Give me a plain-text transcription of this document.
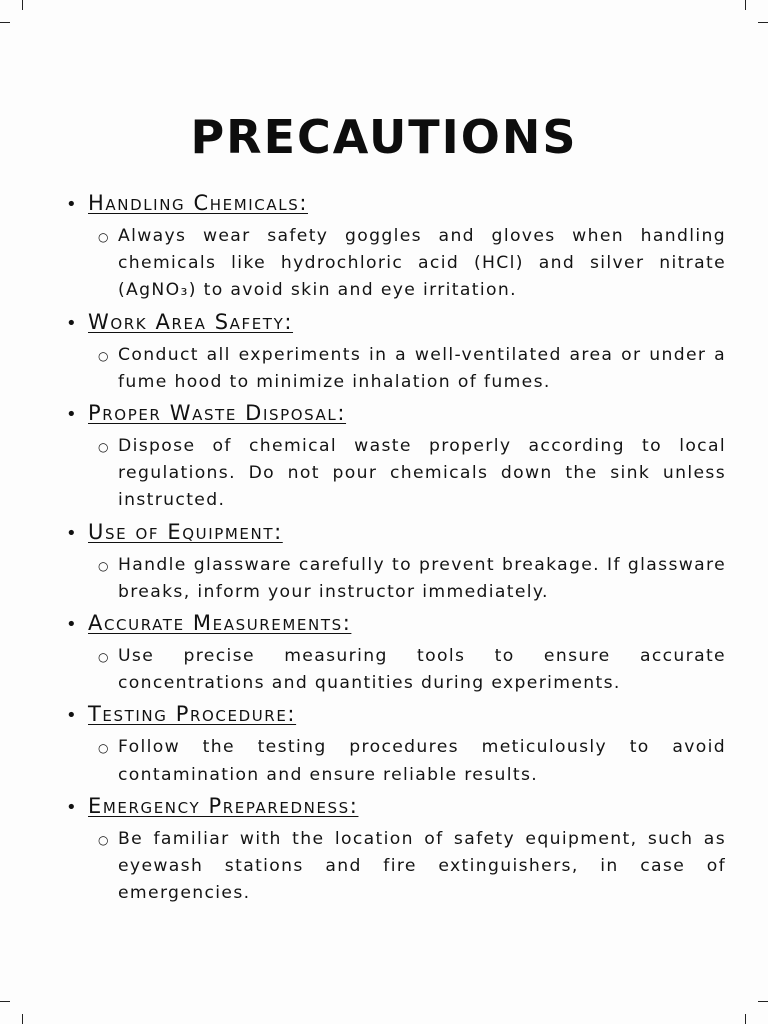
PRECAUTIONS
• Handling Chemicals:
○ Always wear safety goggles and gloves when handling chemicals like hydrochloric acid (HCl) and silver nitrate (AgNO₃) to avoid skin and eye irritation.
• Work Area Safety:
○ Conduct all experiments in a well-ventilated area or under a fume hood to minimize inhalation of fumes.
• Proper Waste Disposal:
○ Dispose of chemical waste properly according to local regulations. Do not pour chemicals down the sink unless instructed.
• Use of Equipment:
○ Handle glassware carefully to prevent breakage. If glassware breaks, inform your instructor immediately.
• Accurate Measurements:
○ Use precise measuring tools to ensure accurate concentrations and quantities during experiments.
• Testing Procedure:
○ Follow the testing procedures meticulously to avoid contamination and ensure reliable results.
• Emergency Preparedness:
○ Be familiar with the location of safety equipment, such as eyewash stations and fire extinguishers, in case of emergencies.
